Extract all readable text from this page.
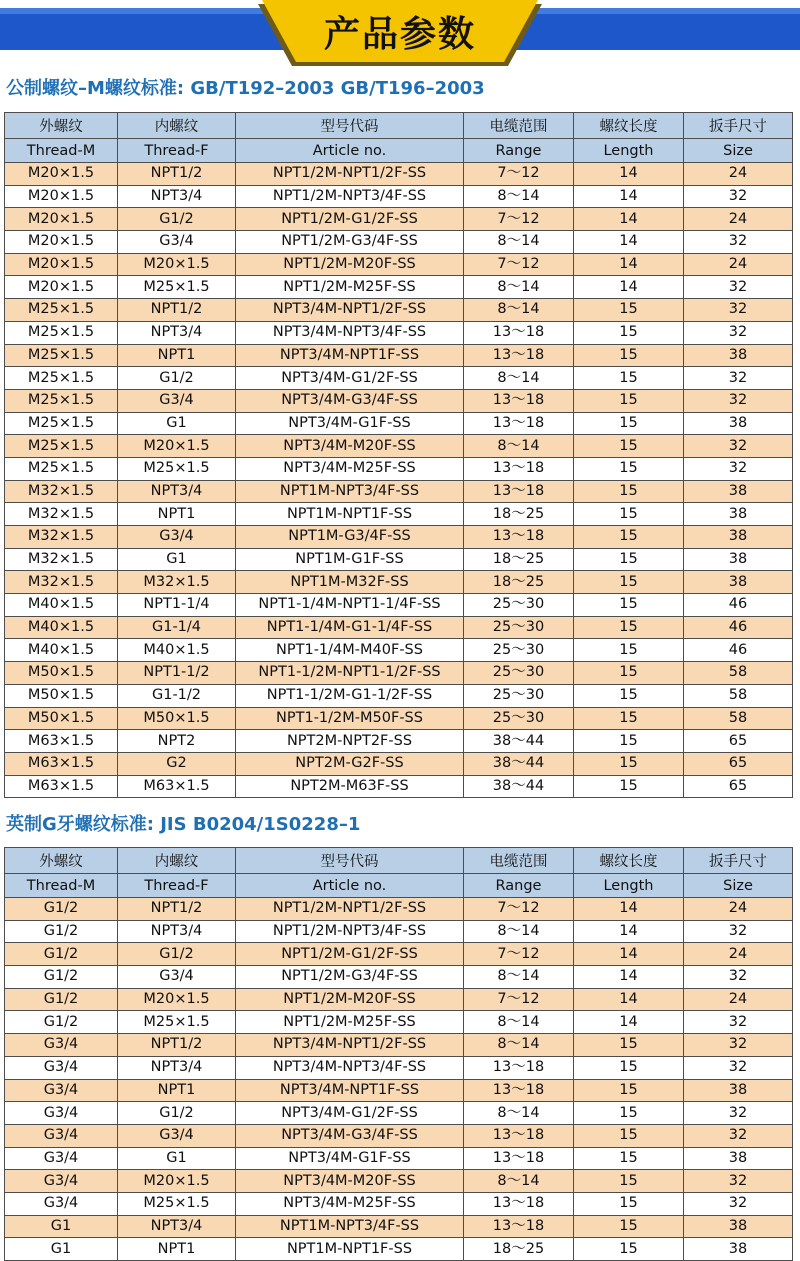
产品参数
公制螺纹–M螺纹标准: GB/T192–2003 GB/T196–2003
外螺纹	内螺纹	型号代码	电缆范围	螺纹长度	扳手尺寸
Thread-M	Thread-F	Article no.	Range	Length	Size
M20×1.5	NPT1/2	NPT1/2M-NPT1/2F-SS	7～12	14	24
M20×1.5	NPT3/4	NPT1/2M-NPT3/4F-SS	8～14	14	32
M20×1.5	G1/2	NPT1/2M-G1/2F-SS	7～12	14	24
M20×1.5	G3/4	NPT1/2M-G3/4F-SS	8～14	14	32
M20×1.5	M20×1.5	NPT1/2M-M20F-SS	7～12	14	24
M20×1.5	M25×1.5	NPT1/2M-M25F-SS	8～14	14	32
M25×1.5	NPT1/2	NPT3/4M-NPT1/2F-SS	8～14	15	32
M25×1.5	NPT3/4	NPT3/4M-NPT3/4F-SS	13～18	15	32
M25×1.5	NPT1	NPT3/4M-NPT1F-SS	13～18	15	38
M25×1.5	G1/2	NPT3/4M-G1/2F-SS	8～14	15	32
M25×1.5	G3/4	NPT3/4M-G3/4F-SS	13～18	15	32
M25×1.5	G1	NPT3/4M-G1F-SS	13～18	15	38
M25×1.5	M20×1.5	NPT3/4M-M20F-SS	8～14	15	32
M25×1.5	M25×1.5	NPT3/4M-M25F-SS	13～18	15	32
M32×1.5	NPT3/4	NPT1M-NPT3/4F-SS	13～18	15	38
M32×1.5	NPT1	NPT1M-NPT1F-SS	18～25	15	38
M32×1.5	G3/4	NPT1M-G3/4F-SS	13～18	15	38
M32×1.5	G1	NPT1M-G1F-SS	18～25	15	38
M32×1.5	M32×1.5	NPT1M-M32F-SS	18～25	15	38
M40×1.5	NPT1-1/4	NPT1-1/4M-NPT1-1/4F-SS	25～30	15	46
M40×1.5	G1-1/4	NPT1-1/4M-G1-1/4F-SS	25～30	15	46
M40×1.5	M40×1.5	NPT1-1/4M-M40F-SS	25～30	15	46
M50×1.5	NPT1-1/2	NPT1-1/2M-NPT1-1/2F-SS	25～30	15	58
M50×1.5	G1-1/2	NPT1-1/2M-G1-1/2F-SS	25～30	15	58
M50×1.5	M50×1.5	NPT1-1/2M-M50F-SS	25～30	15	58
M63×1.5	NPT2	NPT2M-NPT2F-SS	38～44	15	65
M63×1.5	G2	NPT2M-G2F-SS	38～44	15	65
M63×1.5	M63×1.5	NPT2M-M63F-SS	38～44	15	65
英制G牙螺纹标准: JIS B0204/1S0228–1
外螺纹	内螺纹	型号代码	电缆范围	螺纹长度	扳手尺寸
Thread-M	Thread-F	Article no.	Range	Length	Size
G1/2	NPT1/2	NPT1/2M-NPT1/2F-SS	7～12	14	24
G1/2	NPT3/4	NPT1/2M-NPT3/4F-SS	8～14	14	32
G1/2	G1/2	NPT1/2M-G1/2F-SS	7～12	14	24
G1/2	G3/4	NPT1/2M-G3/4F-SS	8～14	14	32
G1/2	M20×1.5	NPT1/2M-M20F-SS	7～12	14	24
G1/2	M25×1.5	NPT1/2M-M25F-SS	8～14	14	32
G3/4	NPT1/2	NPT3/4M-NPT1/2F-SS	8～14	15	32
G3/4	NPT3/4	NPT3/4M-NPT3/4F-SS	13～18	15	32
G3/4	NPT1	NPT3/4M-NPT1F-SS	13～18	15	38
G3/4	G1/2	NPT3/4M-G1/2F-SS	8～14	15	32
G3/4	G3/4	NPT3/4M-G3/4F-SS	13～18	15	32
G3/4	G1	NPT3/4M-G1F-SS	13～18	15	38
G3/4	M20×1.5	NPT3/4M-M20F-SS	8～14	15	32
G3/4	M25×1.5	NPT3/4M-M25F-SS	13～18	15	32
G1	NPT3/4	NPT1M-NPT3/4F-SS	13～18	15	38
G1	NPT1	NPT1M-NPT1F-SS	18～25	15	38
